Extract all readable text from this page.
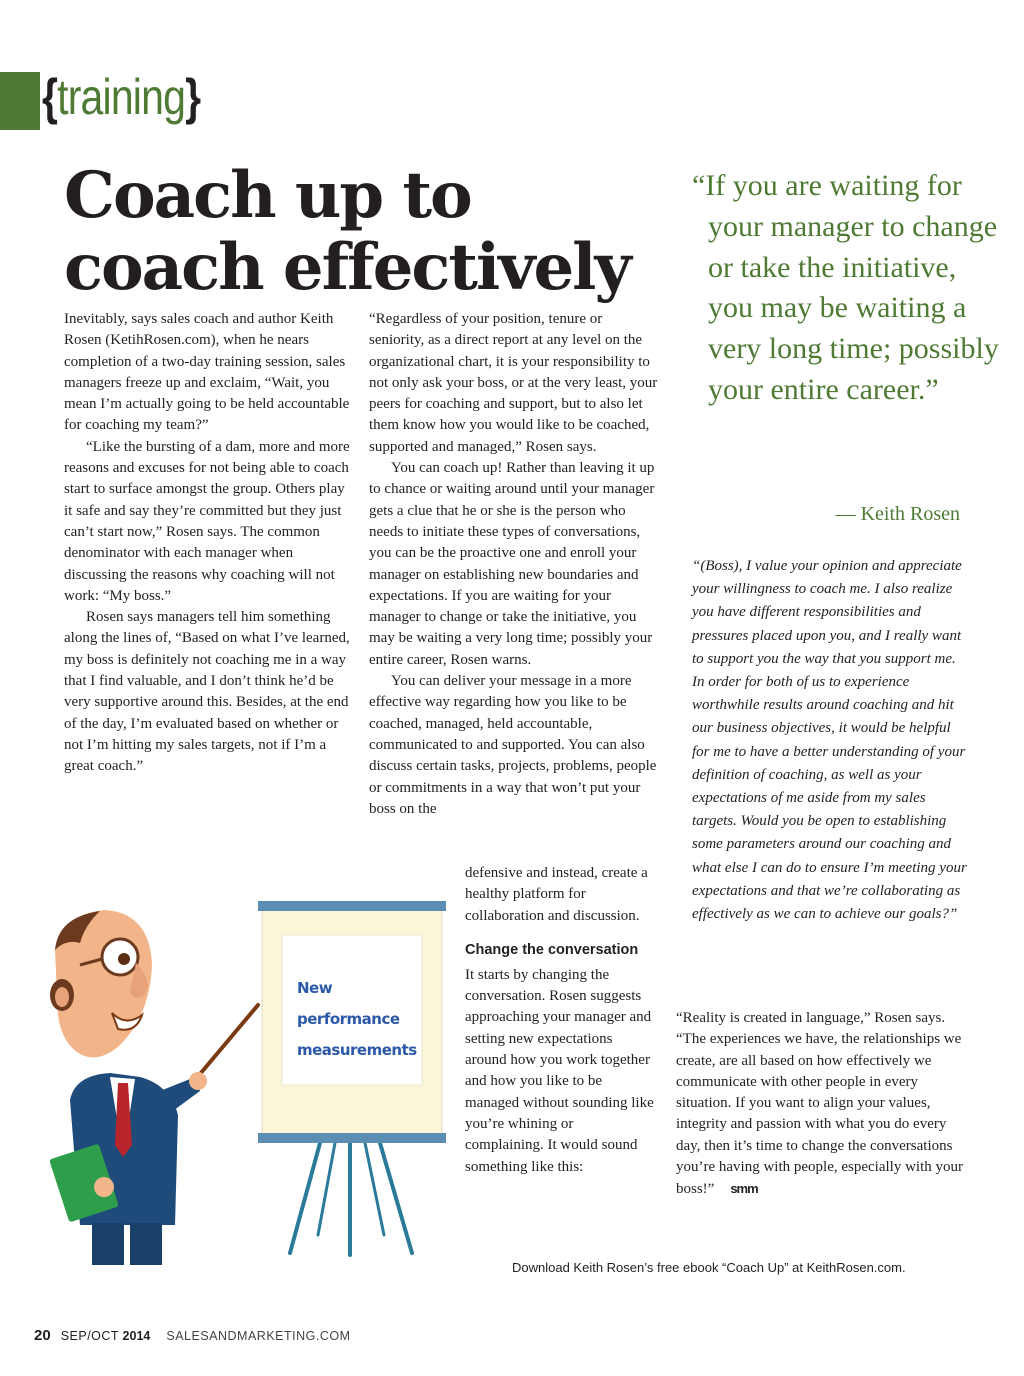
{training}
Coach up to
coach effectively

Inevitably, says sales coach and author Keith Rosen (KetihRosen.com), when he nears completion of a two-day training session, sales managers freeze up and exclaim, “Wait, you mean I’m actually going to be held accountable for coaching my team?”

“Like the bursting of a dam, more and more reasons and excuses for not being able to coach start to surface amongst the group. Others play it safe and say they’re committed but they just can’t start now,” Rosen says. The common denominator with each manager when discussing the reasons why coaching will not work: “My boss.”

Rosen says managers tell him something along the lines of, “Based on what I’ve learned, my boss is definitely not coaching me in a way that I find valuable, and I don’t think he’d be very supportive around this. Besides, at the end of the day, I’m evaluated based on whether or not I’m hitting my sales targets, not if I’m a great coach.”

“Regardless of your position, tenure or seniority, as a direct report at any level on the organizational chart, it is your responsibility to not only ask your boss, or at the very least, your peers for coaching and support, but to also let them know how you would like to be coached, supported and managed,” Rosen says.

You can coach up! Rather than leaving it up to chance or waiting around until your manager gets a clue that he or she is the person who needs to initiate these types of conversations, you can be the proactive one and enroll your manager on establishing new boundaries and expectations. If you are waiting for your manager to change or take the initiative, you may be waiting a very long time; possibly your entire career, Rosen warns.

You can deliver your message in a more effective way regarding how you like to be coached, managed, held accountable, communicated to and supported. You can also discuss certain tasks, projects, problems, people or commitments in a way that won’t put your boss on the

defensive and instead, create a healthy platform for collaboration and discussion.

Change the conversation

It starts by changing the conversation. Rosen suggests approaching your manager and setting new expectations around how you work together and how you like to be managed without sounding like you’re whining or complaining. It would sound something like this:

“If you are waiting for your manager to change or take the initiative, you may be waiting a very long time; possibly your entire career.”

— Keith Rosen
“(Boss), I value your opinion and appreciate your willingness to coach me. I also realize you have different responsibilities and pressures placed upon you, and I really want to support you the way that you support me. In order for both of us to experience worthwhile results around coaching and hit our business objectives, it would be helpful for me to have a better understanding of your definition of coaching, as well as your expectations of me aside from my sales targets. Would you be open to establishing some parameters around our coaching and what else I can do to ensure I’m meeting your expectations and that we’re collaborating as effectively as we can to achieve our goals?”
“Reality is created in language,” Rosen says. “The experiences we have, the relationships we create, are all based on how effectively we communicate with other people in every situation. If you want to align your values, integrity and passion with what you do every day, then it’s time to change the conversations you’re having with people, especially with your boss!” smm
New
performance
measurements
Download Keith Rosen’s free ebook “Coach Up” at KeithRosen.com.
20 SEP/OCT 2014 SALESANDMARKETING.COM
